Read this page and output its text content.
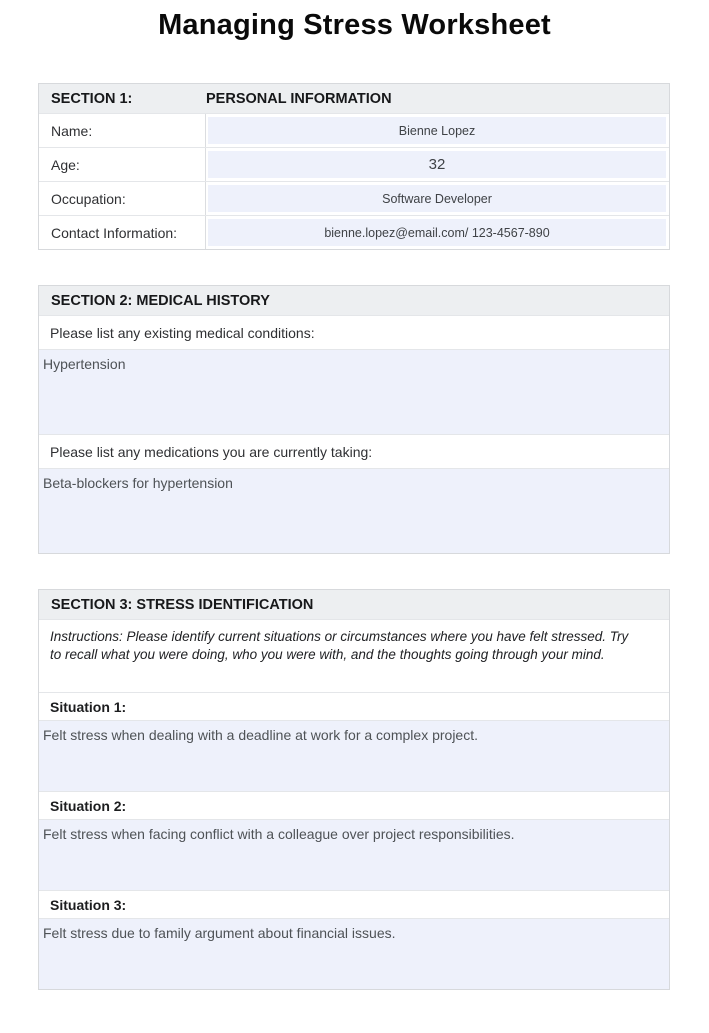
Managing Stress Worksheet
SECTION 1:	PERSONAL INFORMATION
Name:	Bienne Lopez
Age:	32
Occupation:	Software Developer
Contact Information:	bienne.lopez@email.com/ 123-4567-890
SECTION 2: MEDICAL HISTORY
Please list any existing medical conditions:
Hypertension
Please list any medications you are currently taking:
Beta-blockers for hypertension
SECTION 3: STRESS IDENTIFICATION
Instructions: Please identify current situations or circumstances where you have felt stressed. Try to recall what you were doing, who you were with, and the thoughts going through your mind.
Situation 1:
Felt stress when dealing with a deadline at work for a complex project.
Situation 2:
Felt stress when facing conflict with a colleague over project responsibilities.
Situation 3:
Felt stress due to family argument about financial issues.
